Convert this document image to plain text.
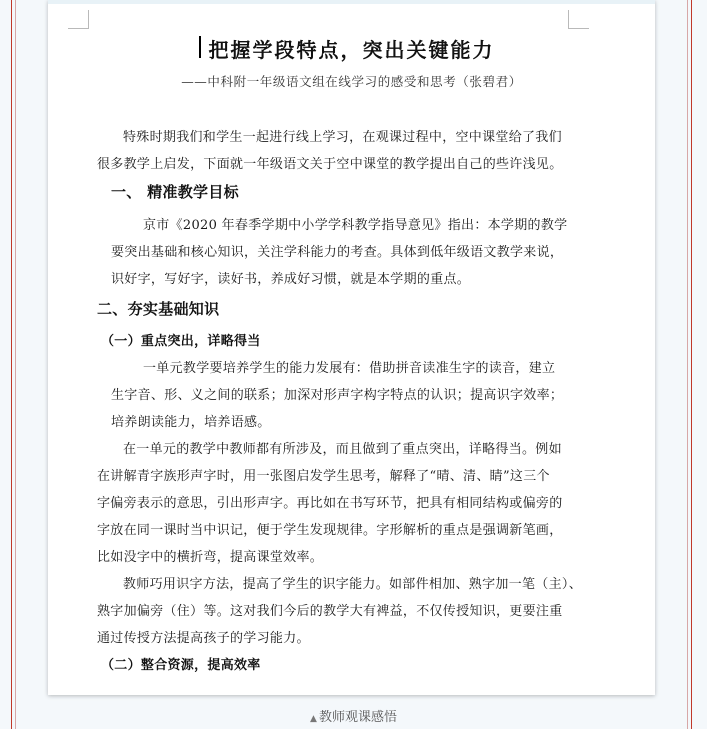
把握学段特点，突出关键能力

——中科附一年级语文组在线学习的感受和思考（张碧君）

特殊时期我们和学生一起进行线上学习，在观课过程中，空中课堂给了我们

很多教学上启发，下面就一年级语文关于空中课堂的教学提出自己的些许浅见。

一、 精准教学目标

京市《2020 年春季学期中小学学科教学指导意见》指出：本学期的教学

要突出基础和核心知识，关注学科能力的考查。具体到低年级语文教学来说，

识好字，写好字，读好书，养成好习惯，就是本学期的重点。

二、夯实基础知识

（一）重点突出，详略得当

一单元教学要培养学生的能力发展有：借助拼音读准生字的读音，建立

生字音、形、义之间的联系；加深对形声字构字特点的认识；提高识字效率；

培养朗读能力，培养语感。

在一单元的教学中教师都有所涉及，而且做到了重点突出，详略得当。例如

在讲解青字族形声字时，用一张图启发学生思考，解释了“晴、清、睛”这三个

字偏旁表示的意思，引出形声字。再比如在书写环节，把具有相同结构或偏旁的

字放在同一课时当中识记，便于学生发现规律。字形解析的重点是强调新笔画，

比如没字中的横折弯，提高课堂效率。

教师巧用识字方法，提高了学生的识字能力。如部件相加、熟字加一笔（主）、

熟字加偏旁（住）等。这对我们今后的教学大有裨益，不仅传授知识，更要注重

通过传授方法提高孩子的学习能力。

（二）整合资源，提高效率

▲ 教师观课感悟
